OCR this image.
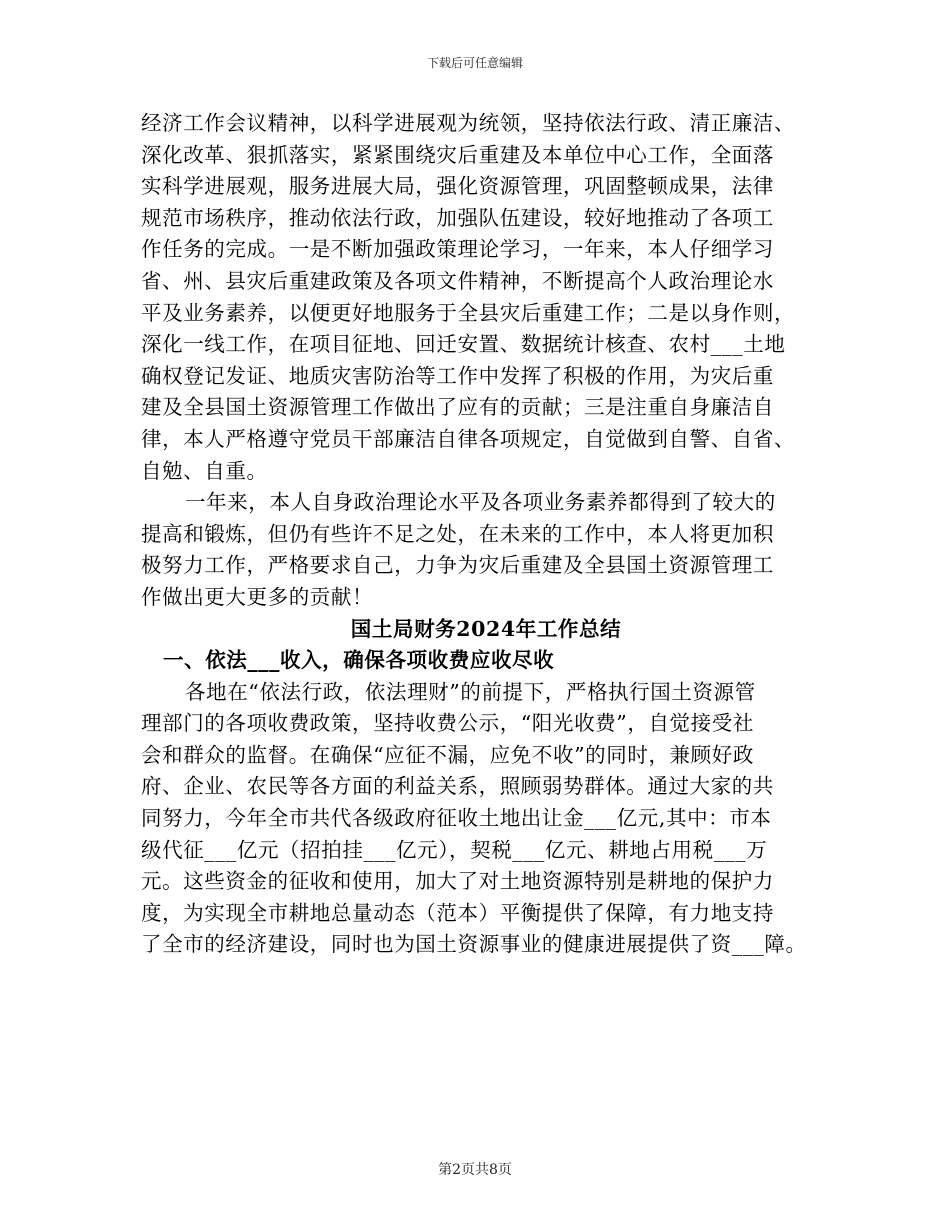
下载后可任意编辑

经济工作会议精神，以科学进展观为统领，坚持依法行政、清正廉洁、
深化改革、狠抓落实，紧紧围绕灾后重建及本单位中心工作，全面落
实科学进展观，服务进展大局，强化资源管理，巩固整顿成果，法律
规范市场秩序，推动依法行政，加强队伍建设，较好地推动了各项工
作任务的完成。一是不断加强政策理论学习，一年来，本人仔细学习
省、州、县灾后重建政策及各项文件精神，不断提高个人政治理论水
平及业务素养，以便更好地服务于全县灾后重建工作；二是以身作则，
深化一线工作，在项目征地、回迁安置、数据统计核查、农村___土地
确权登记发证、地质灾害防治等工作中发挥了积极的作用，为灾后重
建及全县国土资源管理工作做出了应有的贡献；三是注重自身廉洁自
律，本人严格遵守党员干部廉洁自律各项规定，自觉做到自警、自省、
自勉、自重。

一年来，本人自身政治理论水平及各项业务素养都得到了较大的
提高和锻炼，但仍有些许不足之处，在未来的工作中，本人将更加积
极努力工作，严格要求自己，力争为灾后重建及全县国土资源管理工
作做出更大更多的贡献！

国土局财务2024年工作总结
一、依法___收入，确保各项收费应收尽收

各地在“依法行政，依法理财”的前提下，严格执行国土资源管
理部门的各项收费政策，坚持收费公示，“阳光收费”，自觉接受社
会和群众的监督。在确保“应征不漏，应免不收”的同时，兼顾好政
府、企业、农民等各方面的利益关系，照顾弱势群体。通过大家的共
同努力，今年全市共代各级政府征收土地出让金___亿元,其中：市本
级代征___亿元（招拍挂___亿元），契税___亿元、耕地占用税___万
元。这些资金的征收和使用，加大了对土地资源特别是耕地的保护力
度，为实现全市耕地总量动态（范本）平衡提供了保障，有力地支持
了全市的经济建设，同时也为国土资源事业的健康进展提供了资___障。

第2页共8页
